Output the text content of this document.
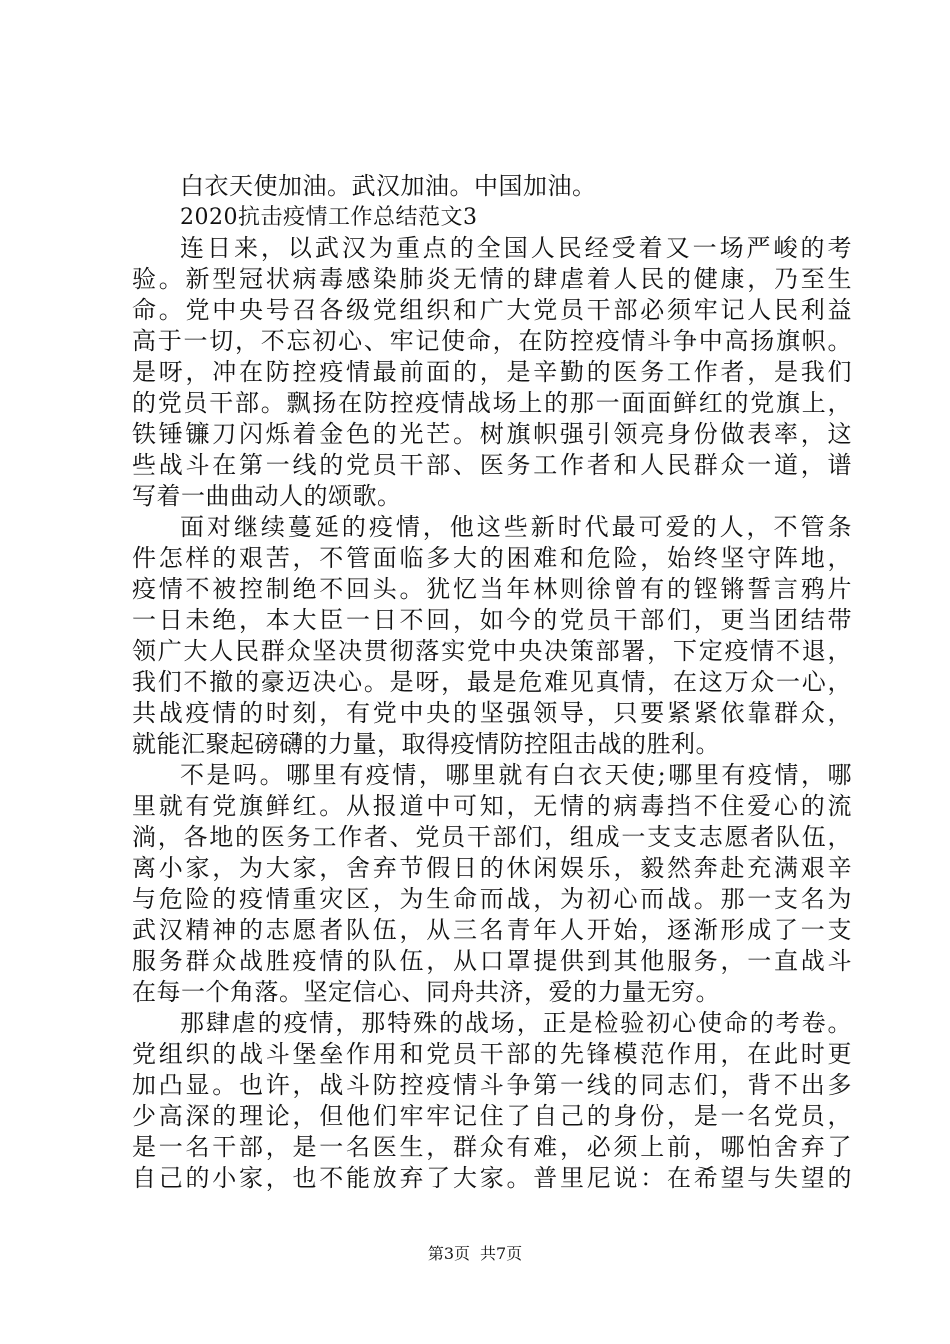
白衣天使加油。武汉加油。中国加油。
2020抗击疫情工作总结范文3
连日来，以武汉为重点的全国人民经受着又一场严峻的考
验。新型冠状病毒感染肺炎无情的肆虐着人民的健康，乃至生
命。党中央号召各级党组织和广大党员干部必须牢记人民利益
高于一切，不忘初心、牢记使命，在防控疫情斗争中高扬旗帜。
是呀，冲在防控疫情最前面的，是辛勤的医务工作者，是我们
的党员干部。飘扬在防控疫情战场上的那一面面鲜红的党旗上，
铁锤镰刀闪烁着金色的光芒。树旗帜强引领亮身份做表率，这
些战斗在第一线的党员干部、医务工作者和人民群众一道，谱
写着一曲曲动人的颂歌。
面对继续蔓延的疫情，他这些新时代最可爱的人，不管条
件怎样的艰苦，不管面临多大的困难和危险，始终坚守阵地，
疫情不被控制绝不回头。犹忆当年林则徐曾有的铿锵誓言鸦片
一日未绝，本大臣一日不回，如今的党员干部们，更当团结带
领广大人民群众坚决贯彻落实党中央决策部署，下定疫情不退，
我们不撤的豪迈决心。是呀，最是危难见真情，在这万众一心，
共战疫情的时刻，有党中央的坚强领导，只要紧紧依靠群众，
就能汇聚起磅礴的力量，取得疫情防控阻击战的胜利。
不是吗。哪里有疫情，哪里就有白衣天使;哪里有疫情，哪
里就有党旗鲜红。从报道中可知，无情的病毒挡不住爱心的流
淌，各地的医务工作者、党员干部们，组成一支支志愿者队伍，
离小家，为大家，舍弃节假日的休闲娱乐，毅然奔赴充满艰辛
与危险的疫情重灾区，为生命而战，为初心而战。那一支名为
武汉精神的志愿者队伍，从三名青年人开始，逐渐形成了一支
服务群众战胜疫情的队伍，从口罩提供到其他服务，一直战斗
在每一个角落。坚定信心、同舟共济，爱的力量无穷。
那肆虐的疫情，那特殊的战场，正是检验初心使命的考卷。
党组织的战斗堡垒作用和党员干部的先锋模范作用，在此时更
加凸显。也许，战斗防控疫情斗争第一线的同志们，背不出多
少高深的理论，但他们牢牢记住了自己的身份，是一名党员，
是一名干部，是一名医生，群众有难，必须上前，哪怕舍弃了
自己的小家，也不能放弃了大家。普里尼说：在希望与失望的
第3页 共7页
